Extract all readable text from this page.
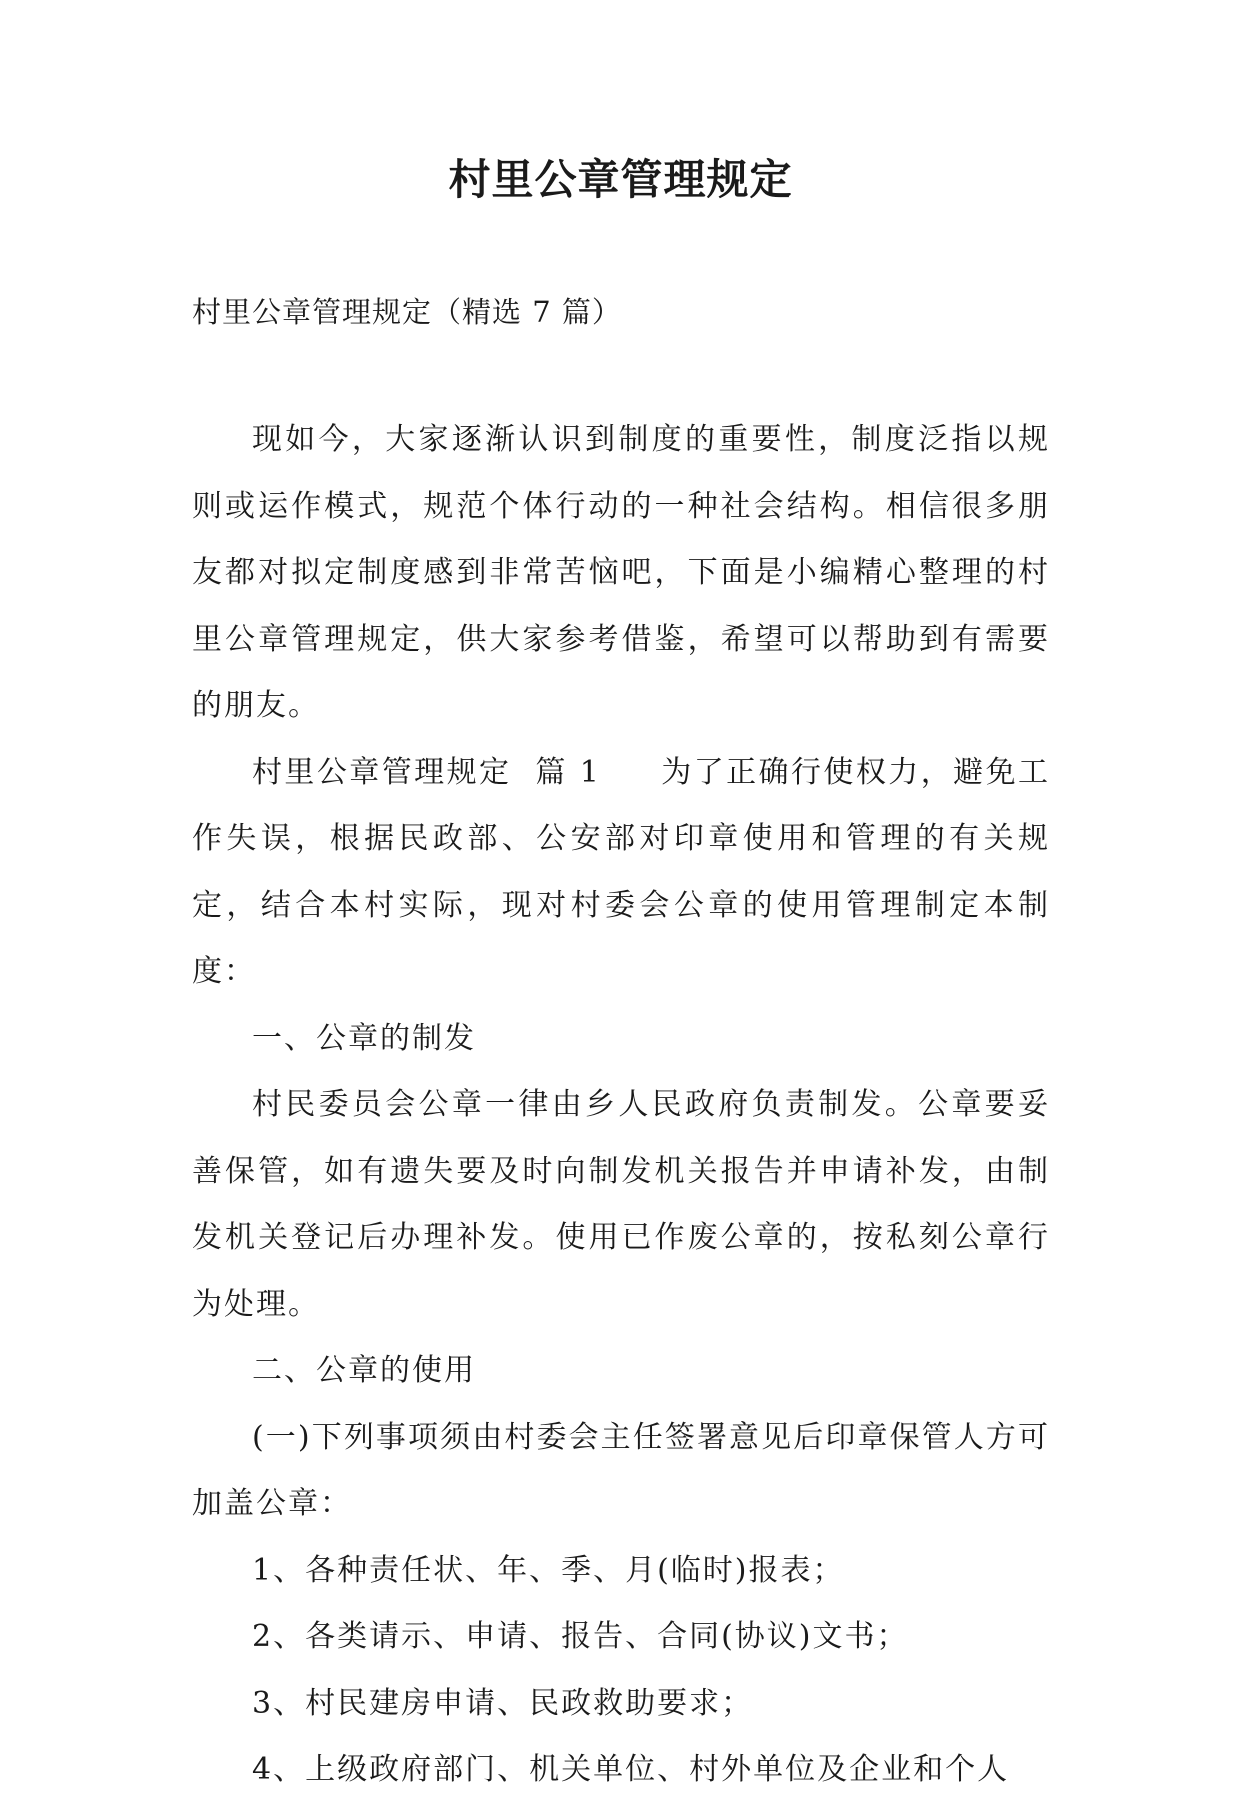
村里公章管理规定
村里公章管理规定（精选 7 篇）

现如今，大家逐渐认识到制度的重要性，制度泛指以规则或运作模式，规范个体行动的一种社会结构。相信很多朋友都对拟定制度感到非常苦恼吧，下面是小编精心整理的村里公章管理规定，供大家参考借鉴，希望可以帮助到有需要的朋友。

村里公章管理规定  篇 1 为了正确行使权力，避免工作失误，根据民政部、公安部对印章使用和管理的有关规定，结合本村实际，现对村委会公章的使用管理制定本制度：

一、公章的制发

村民委员会公章一律由乡人民政府负责制发。公章要妥善保管，如有遗失要及时向制发机关报告并申请补发，由制发机关登记后办理补发。使用已作废公章的，按私刻公章行为处理。

二、公章的使用

(一)下列事项须由村委会主任签署意见后印章保管人方可加盖公章：

1、各种责任状、年、季、月(临时)报表；

2、各类请示、申请、报告、合同(协议)文书；

3、村民建房申请、民政救助要求；

4、上级政府部门、机关单位、村外单位及企业和个人
